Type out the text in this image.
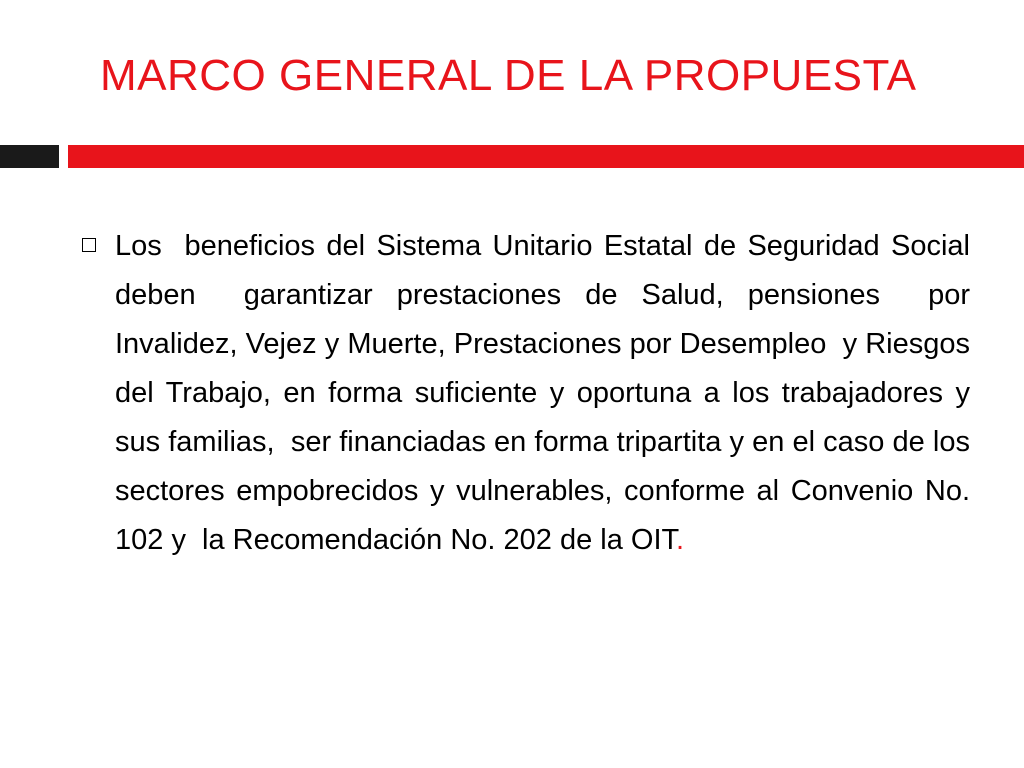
MARCO GENERAL DE LA PROPUESTA

Los  beneficios del Sistema Unitario Estatal de Seguridad Social deben  garantizar prestaciones de Salud, pensiones  por Invalidez, Vejez y Muerte, Prestaciones por Desempleo  y Riesgos del Trabajo, en forma suficiente y oportuna a los trabajadores y sus familias,  ser financiadas en forma tripartita y en el caso de los sectores empobrecidos y vulnerables, conforme al Convenio No. 102 y  la Recomendación No. 202 de la OIT.
